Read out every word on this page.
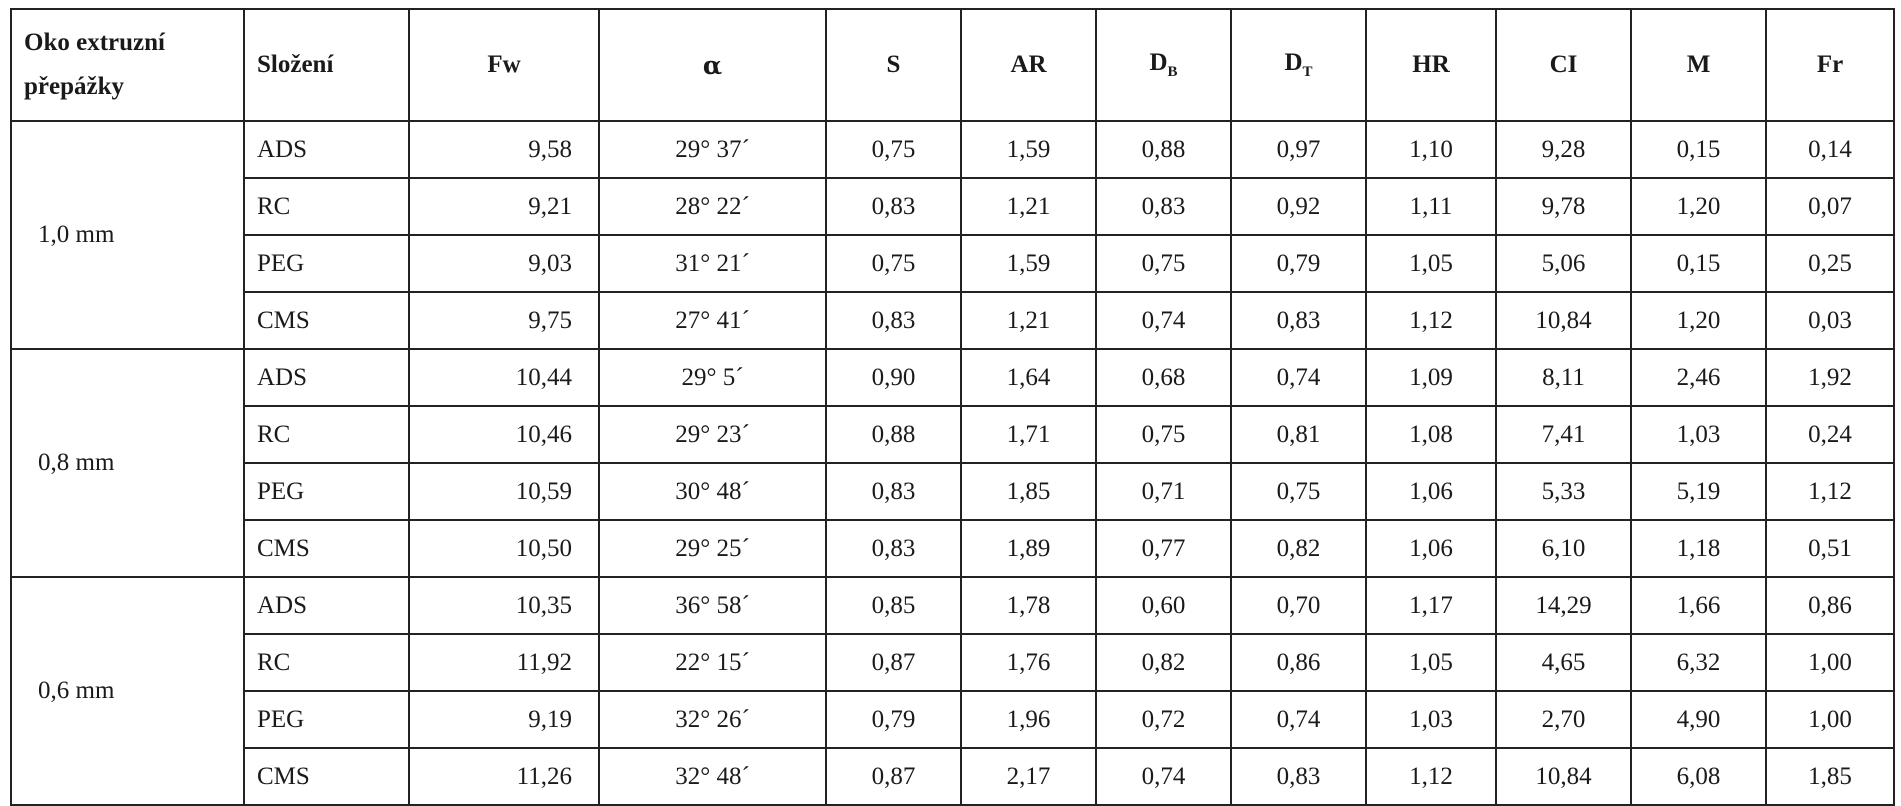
Oko extruzní přepážky	Složení	Fw	α	S	AR	$D_B$	$D_T$	HR	CI	M	Fr
1,0 mm	ADS	9,58	29° 37´	0,75	1,59	0,88	0,97	1,10	9,28	0,15	0,14
	RC	9,21	28° 22´	0,83	1,21	0,83	0,92	1,11	9,78	1,20	0,07
	PEG	9,03	31° 21´	0,75	1,59	0,75	0,79	1,05	5,06	0,15	0,25
	CMS	9,75	27° 41´	0,83	1,21	0,74	0,83	1,12	10,84	1,20	0,03
0,8 mm	ADS	10,44	29° 5´	0,90	1,64	0,68	0,74	1,09	8,11	2,46	1,92
	RC	10,46	29° 23´	0,88	1,71	0,75	0,81	1,08	7,41	1,03	0,24
	PEG	10,59	30° 48´	0,83	1,85	0,71	0,75	1,06	5,33	5,19	1,12
	CMS	10,50	29° 25´	0,83	1,89	0,77	0,82	1,06	6,10	1,18	0,51
0,6 mm	ADS	10,35	36° 58´	0,85	1,78	0,60	0,70	1,17	14,29	1,66	0,86
	RC	11,92	22° 15´	0,87	1,76	0,82	0,86	1,05	4,65	6,32	1,00
	PEG	9,19	32° 26´	0,79	1,96	0,72	0,74	1,03	2,70	4,90	1,00
	CMS	11,26	32° 48´	0,87	2,17	0,74	0,83	1,12	10,84	6,08	1,85
